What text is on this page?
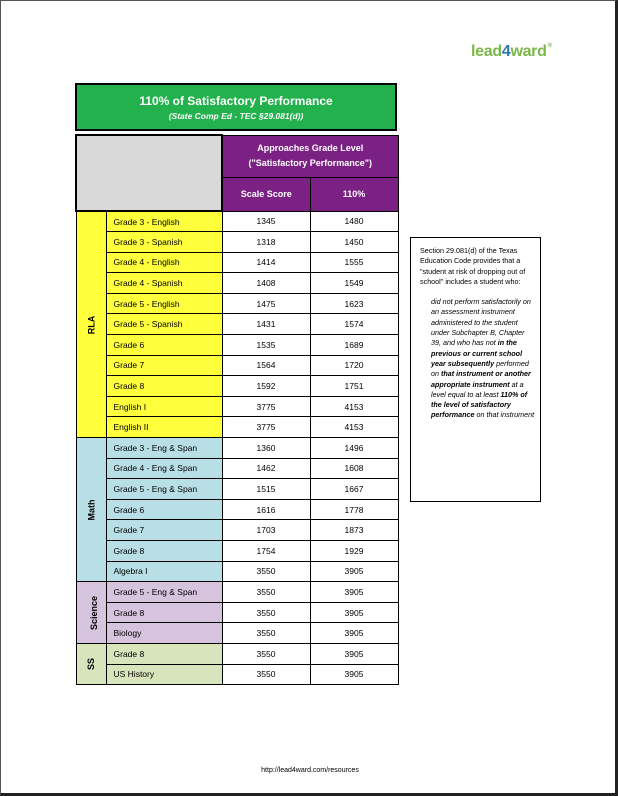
lead4ward®
110% of Satisfactory Performance
(State Comp Ed - TEC §29.081(d))

		Approaches Grade Level
("Satisfactory Performance")	

		Scale Score	110%
RLA	Grade 3 - English	1345	1480
	Grade 3 - Spanish	1318	1450
	Grade 4 - English	1414	1555
	Grade 4 - Spanish	1408	1549
	Grade 5 - English	1475	1623
	Grade 5 - Spanish	1431	1574
	Grade 6	1535	1689
	Grade 7	1564	1720
	Grade 8	1592	1751
	English I	3775	4153
	English II	3775	4153
Math	Grade 3 - Eng & Span	1360	1496
	Grade 4 - Eng & Span	1462	1608
	Grade 5 - Eng & Span	1515	1667
	Grade 6	1616	1778
	Grade 7	1703	1873
	Grade 8	1754	1929
	Algebra I	3550	3905
Science	Grade 5 - Eng & Span	3550	3905
	Grade 8	3550	3905
	Biology	3550	3905
SS	Grade 8	3550	3905
	US History	3550	3905
Section 29.081(d) of the Texas Education Code provides that a "student at risk of dropping out of school" includes a student who:
did not perform satisfactorily on an assessment instrument administered to the student under Subchapter B, Chapter 39, and who has not in the previous or current school year subsequently performed on that instrument or another appropriate instrument at a level equal to at least 110% of the level of satisfactory performance on that instrument
http://lead4ward.com/resources
